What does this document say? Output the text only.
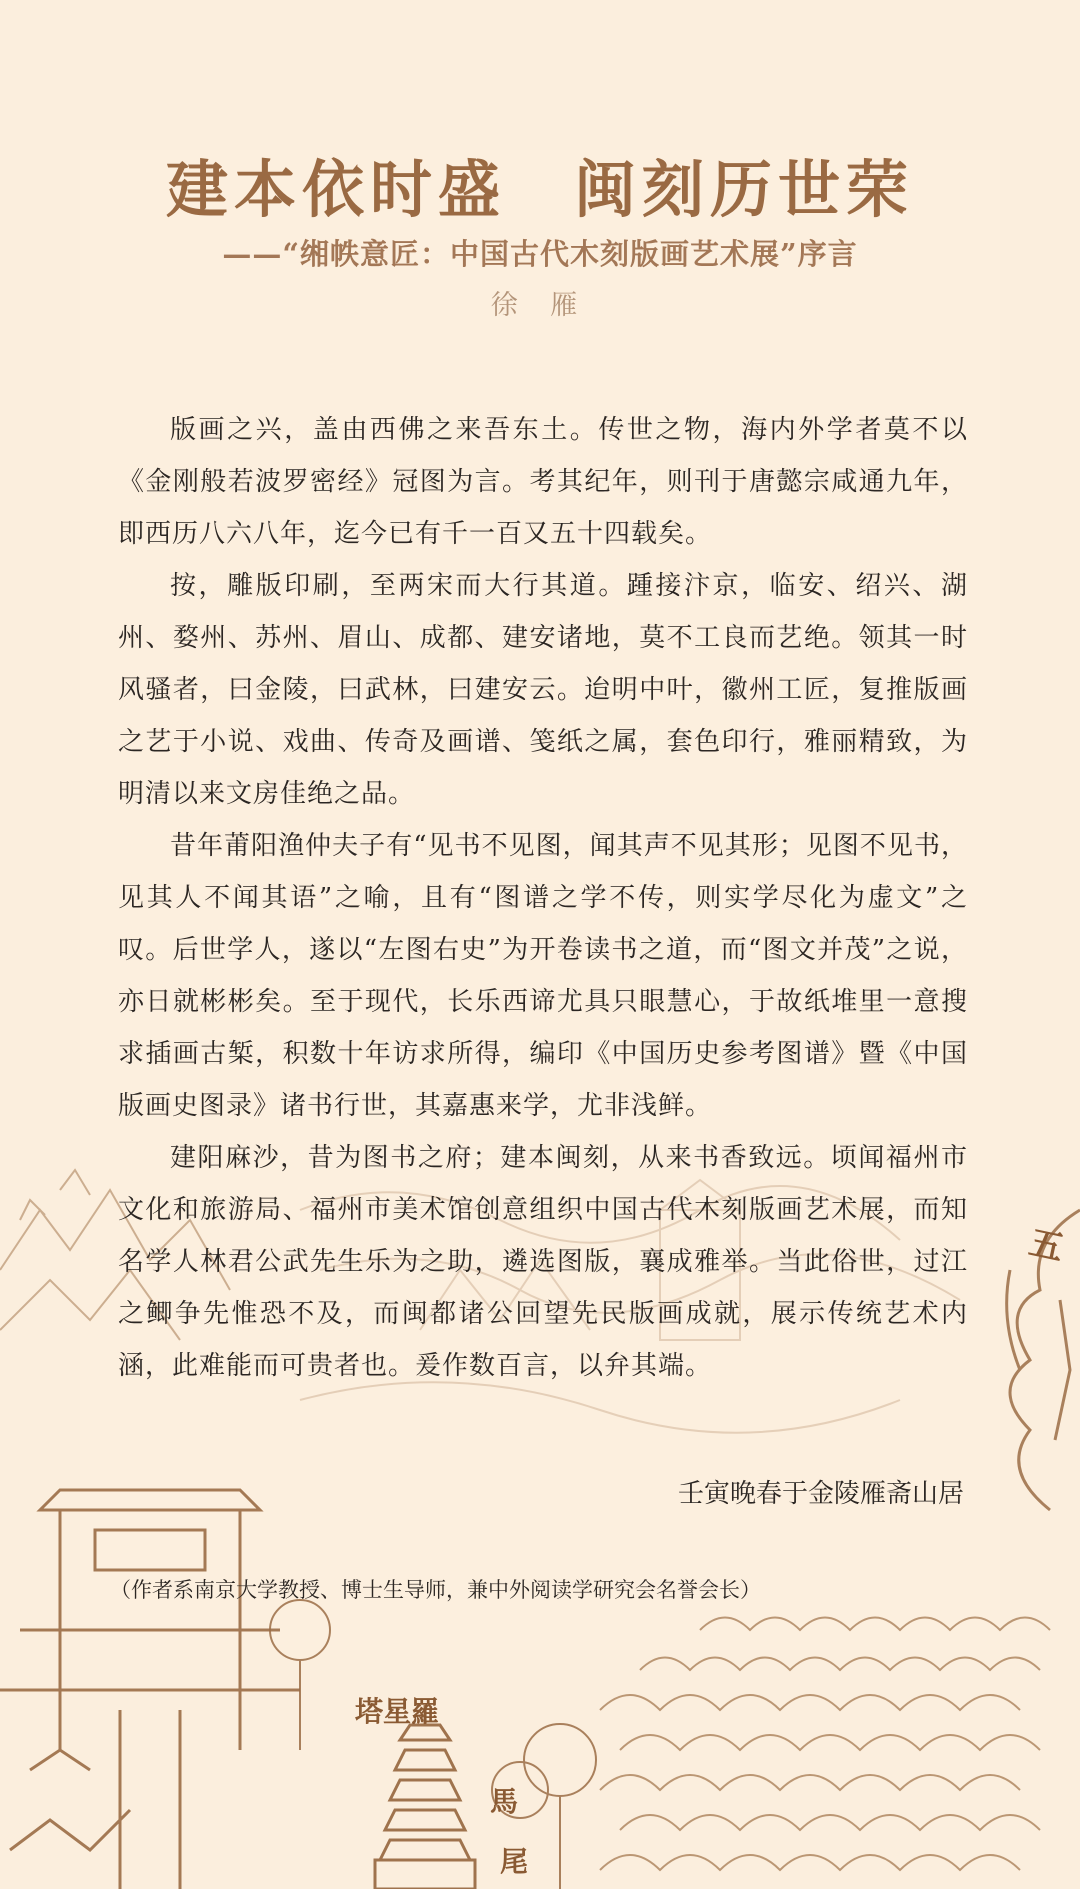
塔星羅
馬
尾
五
建本依时盛　闽刻历世荣
——“缃帙意匠：中国古代木刻版画艺术展”序言
徐 雁

版画之兴，盖由西佛之来吾东土。传世之物，海内外学者莫不以《金刚般若波罗密经》冠图为言。考其纪年，则刊于唐懿宗咸通九年，即西历八六八年，迄今已有千一百又五十四载矣。

按，雕版印刷，至两宋而大行其道。踵接汴京，临安、绍兴、湖州、婺州、苏州、眉山、成都、建安诸地，莫不工良而艺绝。领其一时风骚者，曰金陵，曰武林，曰建安云。迨明中叶，徽州工匠，复推版画之艺于小说、戏曲、传奇及画谱、笺纸之属，套色印行，雅丽精致，为明清以来文房佳绝之品。

昔年莆阳渔仲夫子有“见书不见图，闻其声不见其形；见图不见书，见其人不闻其语”之喻，且有“图谱之学不传，则实学尽化为虚文”之叹。后世学人，遂以“左图右史”为开卷读书之道，而“图文并茂”之说，亦日就彬彬矣。至于现代，长乐西谛尤具只眼慧心，于故纸堆里一意搜求插画古椠，积数十年访求所得，编印《中国历史参考图谱》暨《中国版画史图录》诸书行世，其嘉惠来学，尤非浅鲜。

建阳麻沙，昔为图书之府；建本闽刻，从来书香致远。顷闻福州市文化和旅游局、福州市美术馆创意组织中国古代木刻版画艺术展，而知名学人林君公武先生乐为之助，遴选图版，襄成雅举。当此俗世，过江之鲫争先惟恐不及，而闽都诸公回望先民版画成就，展示传统艺术内涵，此难能而可贵者也。爰作数百言，以弁其端。

壬寅晚春于金陵雁斋山居
（作者系南京大学教授、博士生导师，兼中外阅读学研究会名誉会长）
